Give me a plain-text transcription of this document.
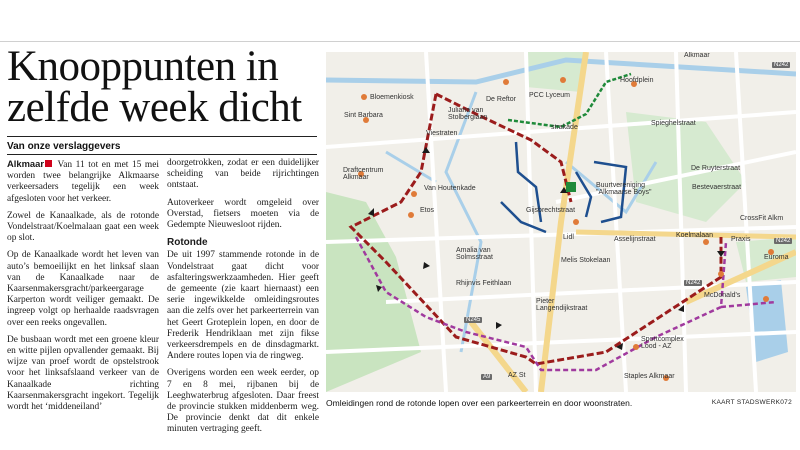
Knooppunten in zelfde week dicht
Van onze verslaggevers

Alkmaar Van 11 tot en met 15 mei worden twee belangrijke Alkmaarse verkeersaders tegelijk een week afgesloten voor het verkeer.

Zowel de Kanaalkade, als de rotonde Vondelstraat/Koelmalaan gaat een week op slot.

Op de Kanaalkade wordt het leven van auto’s bemoeilijkt en het linksaf slaan van de Kanaalkade naar de Kaarsenmakersgracht/parkeergarage Karperton wordt veiliger gemaakt. De ingreep volgt op herhaalde raadsvragen over een reeks ongevallen.

De busbaan wordt met een groene kleur en witte pijlen opvallender gemaakt. Bij wijze van proef wordt de opstelstrook voor het linksafslaand verkeer van de Kanaalkade richting Kaarsenmakersgracht ingekort. Tegelijk wordt het ‘middeneiland’

doorgetrokken, zodat er een duidelijker scheiding van beide rijrichtingen ontstaat.

Autoverkeer wordt omgeleid over Overstad, fietsers moeten via de Gedempte Nieuwesloot rijden.

Rotonde

De uit 1997 stammende rotonde in de Vondelstraat gaat dicht voor asfalteringswerkzaamheden. Hier geeft de gemeente (zie kaart hiernaast) een serie ingewikkelde omleidingsroutes aan die zelfs over het parkeerterrein van het Geert Groteplein lopen, en door de Frederik Hendriklaan met zijn fikse verkeersdrempels en de dinsdagmarkt. Andere routes lopen via de ringweg.

Overigens worden een week eerder, op 7 en 8 mei, rijbanen bij de Leeghwaterbrug afgesloten. Daar freest de provincie stukken middenberm weg. De provincie denkt dat dit enkele minuten vertraging geeft.

Alkmaar
Bloemenkiosk
Sint Barbara
Juliana van Stolberglaan
De Reftor
PCC Lyceum
Hoofdplein
strakade
Spieghelstraat
Viestraten
De Ruyterstraat
Draftcentrum Alkmaar
Van Houtenkade	Buurtvereniging "Alkmaarse Boys"
Bestevaerstraat
Etos	Gijsbrechtstraat
Lidl	Asselijnstraat	Praxis
CrossFit Alkm
Amalia van Solmsstraat	Melis Stokelaan
Koelmalaan
Euroma
Rhijnvis Feithlaan
McDonald's
Pieter Langendijkstraat
Sportcomplex Lood - AZ
AZ St	Staples Alkmaar
N242
N242
N242
N245
A9
Omleidingen rond de rotonde lopen over een parkeerterrein en door woonstraten.	KAART STADSWERK072
